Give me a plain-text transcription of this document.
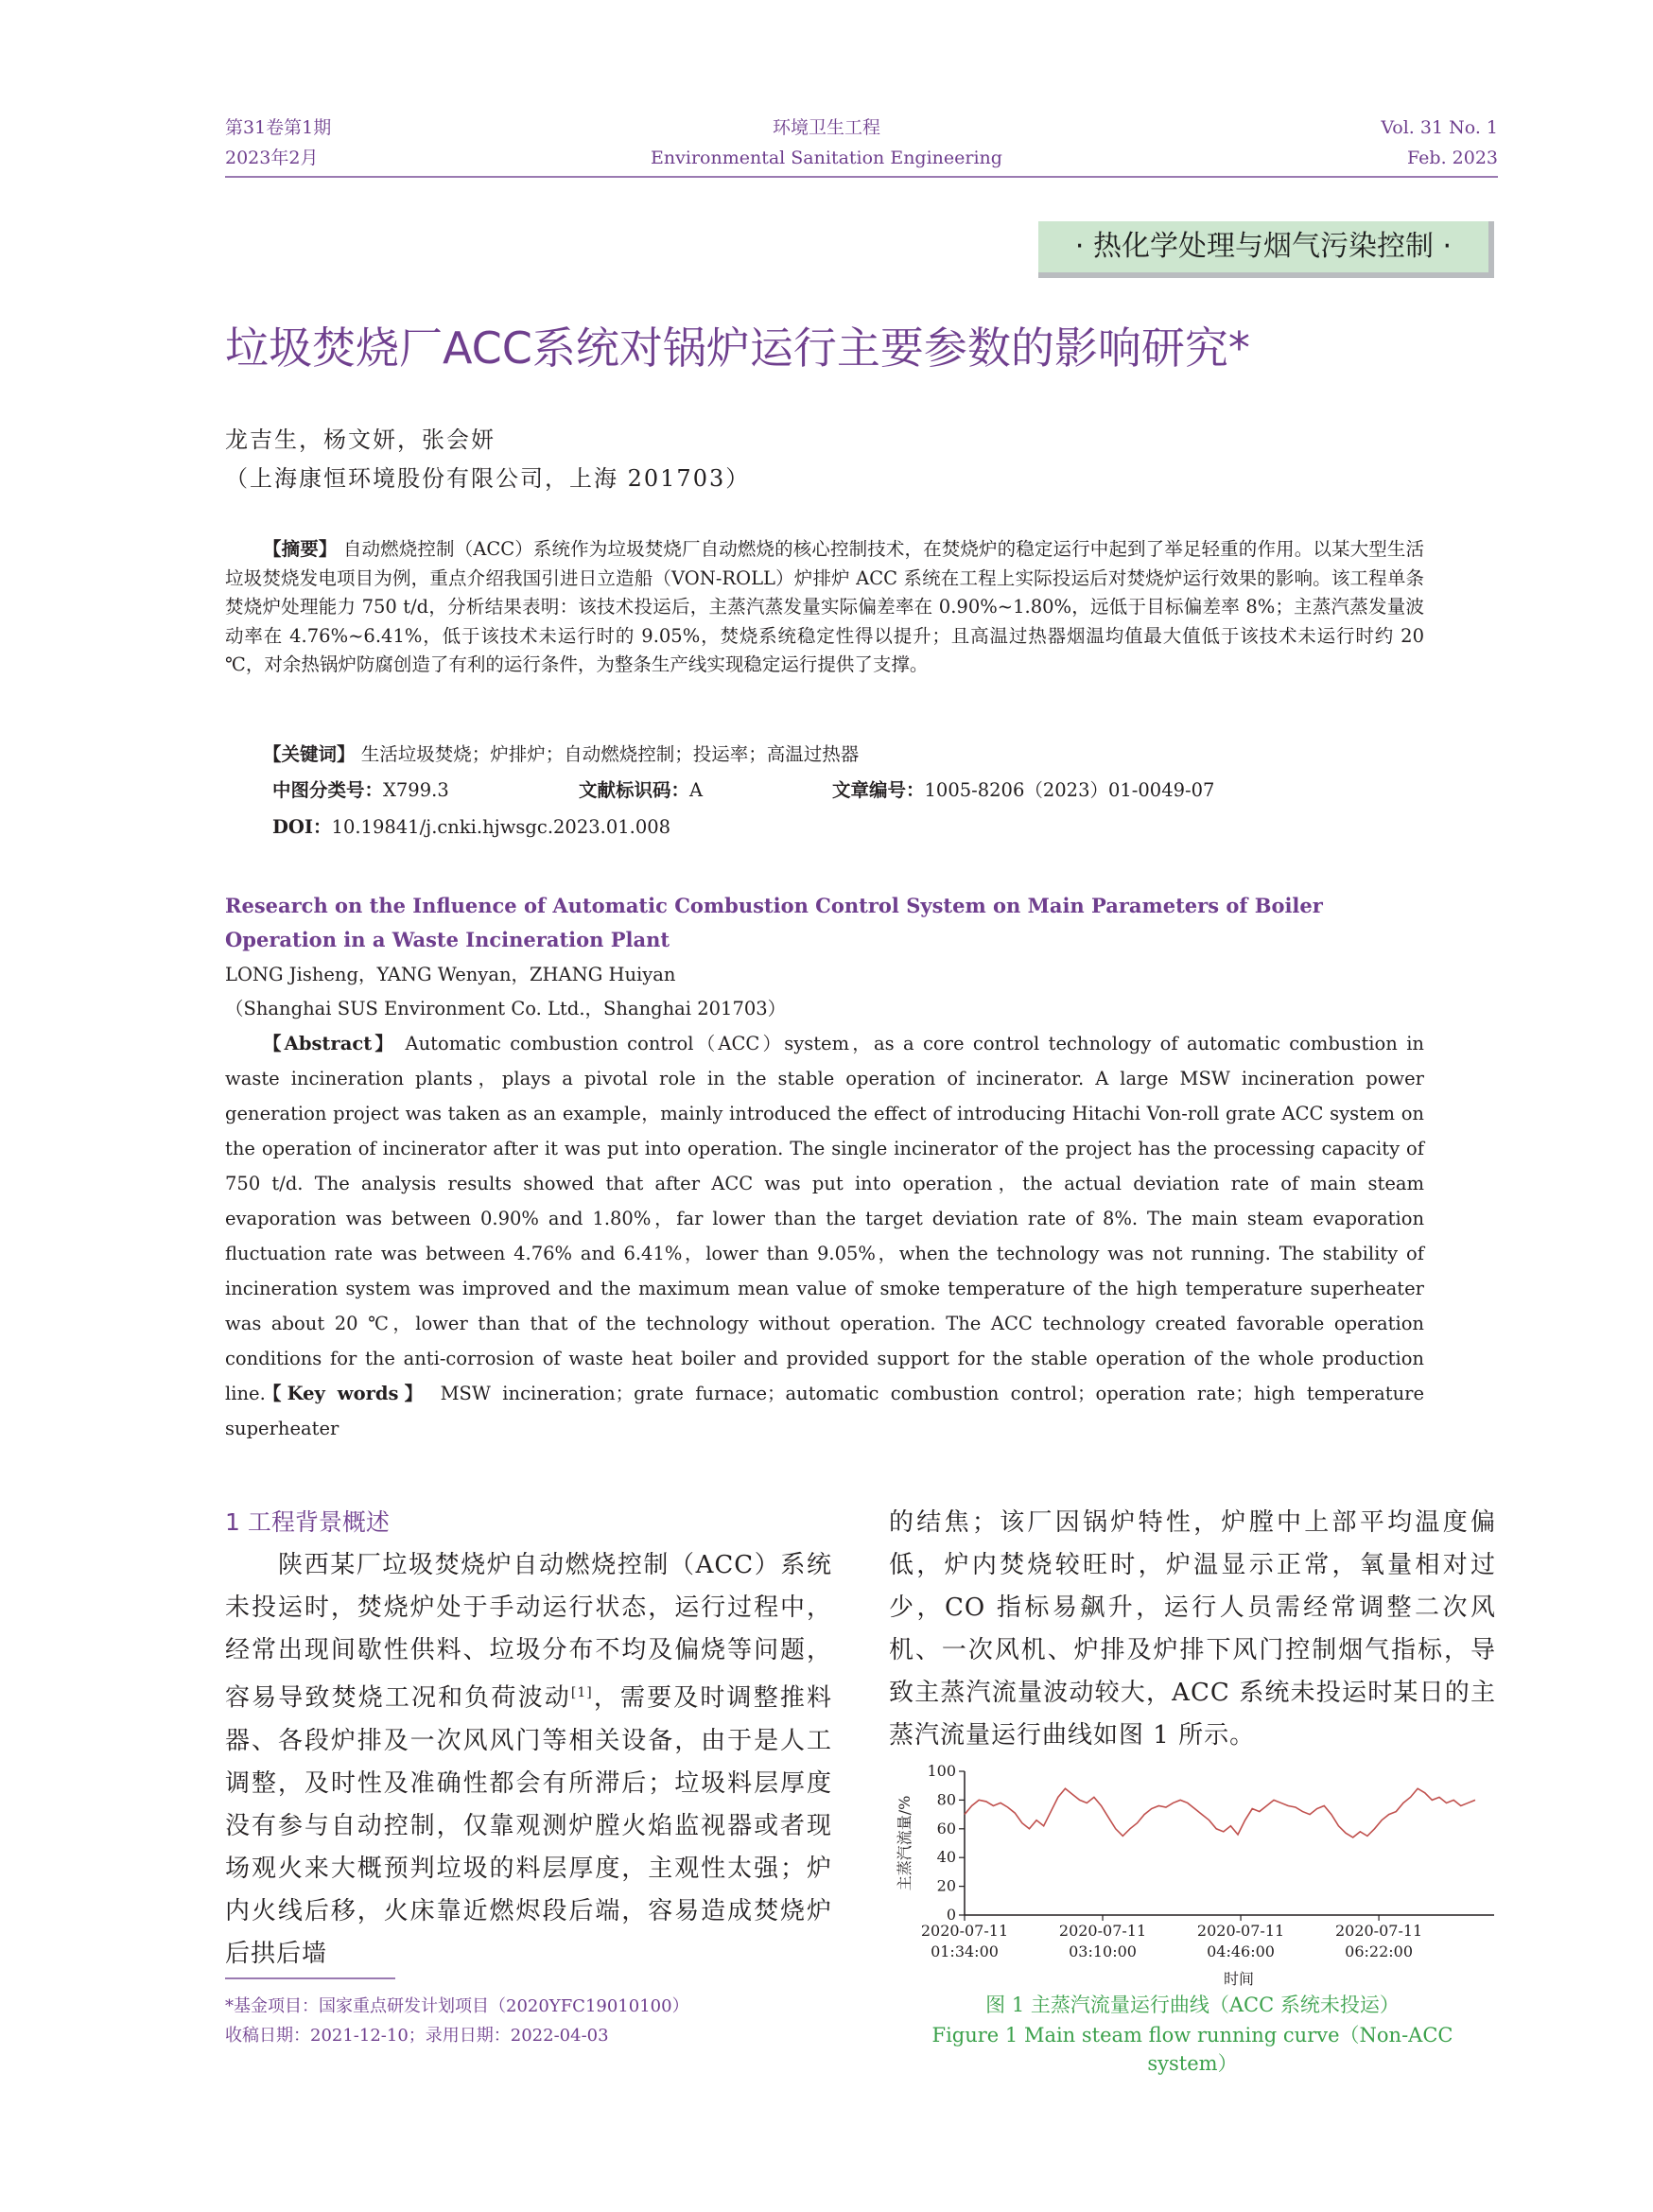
第31卷第1期
2023年2月
环境卫生工程
Environmental Sanitation Engineering
Vol. 31 No. 1
Feb. 2023
· 热化学处理与烟气污染控制 ·
垃圾焚烧厂ACC系统对锅炉运行主要参数的影响研究*
龙吉生，杨文妍，张会妍
（上海康恒环境股份有限公司，上海 201703）
【摘要】 自动燃烧控制（ACC）系统作为垃圾焚烧厂自动燃烧的核心控制技术，在焚烧炉的稳定运行中起到了举足轻重的作用。以某大型生活垃圾焚烧发电项目为例，重点介绍我国引进日立造船（VON-ROLL）炉排炉 ACC 系统在工程上实际投运后对焚烧炉运行效果的影响。该工程单条焚烧炉处理能力 750 t/d，分析结果表明：该技术投运后，主蒸汽蒸发量实际偏差率在 0.90%~1.80%，远低于目标偏差率 8%；主蒸汽蒸发量波动率在 4.76%~6.41%，低于该技术未运行时的 9.05%，焚烧系统稳定性得以提升；且高温过热器烟温均值最大值低于该技术未运行时约 20 ℃，对余热锅炉防腐创造了有利的运行条件，为整条生产线实现稳定运行提供了支撑。
【关键词】 生活垃圾焚烧；炉排炉；自动燃烧控制；投运率；高温过热器
中图分类号：X799.3	文献标识码：A	文章编号：1005-8206（2023）01-0049-07
DOI：10.19841/j.cnki.hjwsgc.2023.01.008
Research on the Influence of Automatic Combustion Control System on Main Parameters of Boiler Operation in a Waste Incineration Plant
LONG Jisheng，YANG Wenyan，ZHANG Huiyan
（Shanghai SUS Environment Co. Ltd.，Shanghai 201703）
【Abstract】 Automatic combustion control（ACC）system，as a core control technology of automatic combustion in waste incineration plants，plays a pivotal role in the stable operation of incinerator. A large MSW incineration power generation project was taken as an example，mainly introduced the effect of introducing Hitachi Von-roll grate ACC system on the operation of incinerator after it was put into operation. The single incinerator of the project has the processing capacity of 750 t/d. The analysis results showed that after ACC was put into operation，the actual deviation rate of main steam evaporation was between 0.90% and 1.80%，far lower than the target deviation rate of 8%. The main steam evaporation fluctuation rate was between 4.76% and 6.41%，lower than 9.05%，when the technology was not running. The stability of incineration system was improved and the maximum mean value of smoke temperature of the high temperature superheater was about 20 ℃，lower than that of the technology without operation. The ACC technology created favorable operation conditions for the anti-corrosion of waste heat boiler and provided support for the stable operation of the whole production line.
【Key words】 MSW incineration；grate furnace；automatic combustion control；operation rate；high temperature superheater
1 工程背景概述
陕西某厂垃圾焚烧炉自动燃烧控制（ACC）系统未投运时，焚烧炉处于手动运行状态，运行过程中，经常出现间歇性供料、垃圾分布不均及偏烧等问题，容易导致焚烧工况和负荷波动[1]，需要及时调整推料器、各段炉排及一次风风门等相关设备，由于是人工调整，及时性及准确性都会有所滞后；垃圾料层厚度没有参与自动控制，仅靠观测炉膛火焰监视器或者现场观火来大概预判垃圾的料层厚度，主观性太强；炉内火线后移，火床靠近燃烬段后端，容易造成焚烧炉后拱后墙
的结焦；该厂因锅炉特性，炉膛中上部平均温度偏低，炉内焚烧较旺时，炉温显示正常，氧量相对过少，CO 指标易飙升，运行人员需经常调整二次风机、一次风机、炉排及炉排下风门控制烟气指标，导致主蒸汽流量波动较大，ACC 系统未投运时某日的主蒸汽流量运行曲线如图 1 所示。
*基金项目：国家重点研发计划项目（2020YFC19010100）
收稿日期：2021-12-10；录用日期：2022-04-03
0
20
40
60
80
100
2020-07-11
01:34:00
2020-07-11
03:10:00
2020-07-11
04:46:00
2020-07-11
06:22:00
主蒸汽流量/%
时间
图 1 主蒸汽流量运行曲线（ACC 系统未投运）
Figure 1 Main steam flow running curve（Non-ACC system）
